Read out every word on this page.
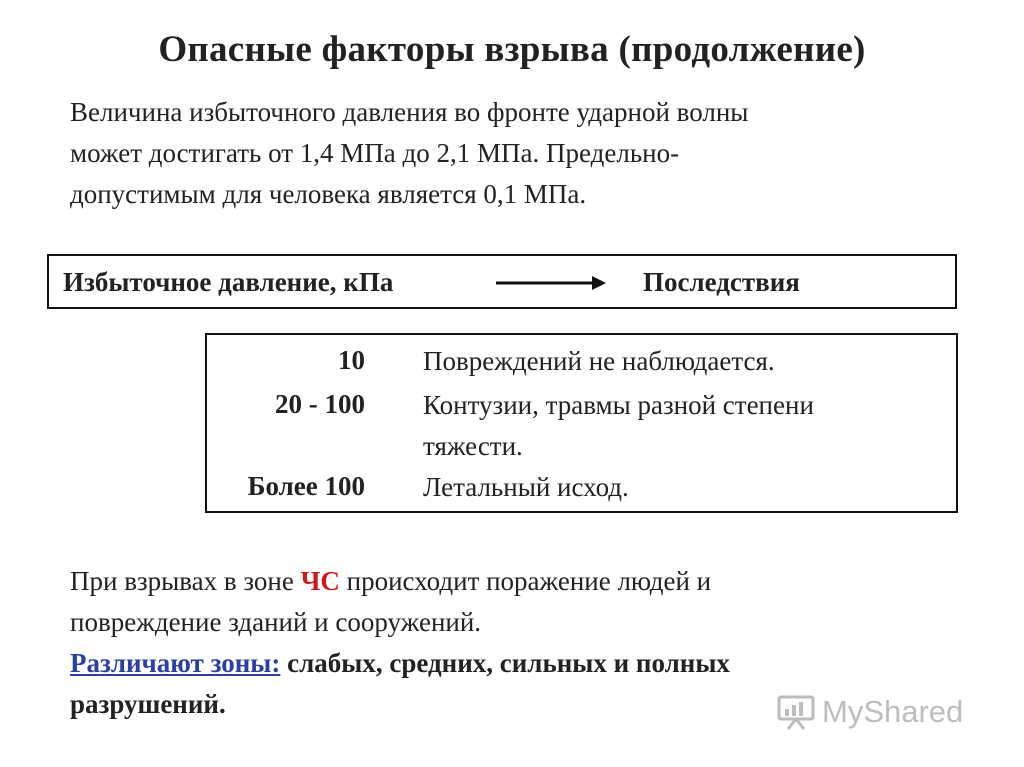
Опасные факторы взрыва (продолжение)
Величина избыточного давления во фронте ударной волны
может достигать от 1,4 МПа до 2,1 МПа. Предельно-
допустимым для человека является 0,1 МПа.
Избыточное давление, кПа	Последствия
10 Повреждений не наблюдается.
20 - 100 Контузии, травмы разной степени
тяжести.
Более 100 Летальный исход.
При взрывах в зоне ЧС происходит поражение людей и
повреждение зданий и сооружений.
Различают зоны: слабых, средних, сильных и полных
разрушений.	MyShared
